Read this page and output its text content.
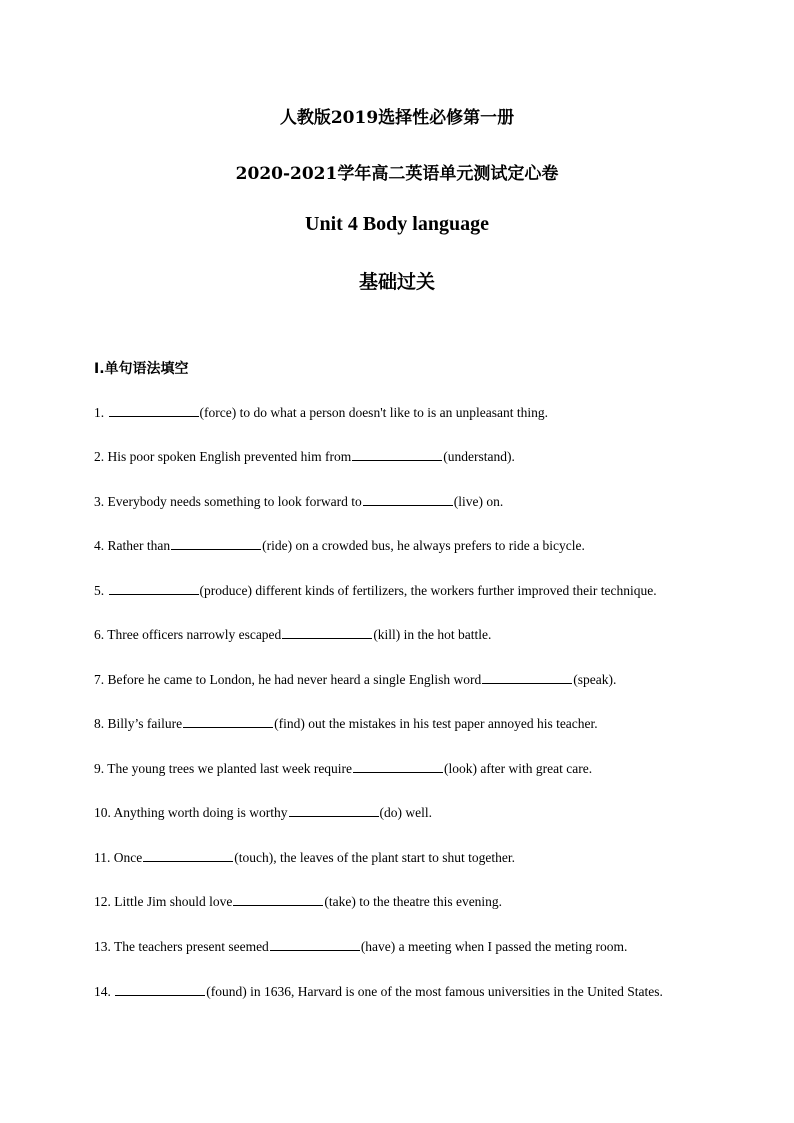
人教版2019选择性必修第一册
2020-2021学年高二英语单元测试定心卷
Unit 4 Body language
基础过关
I.单句语法填空
1.	(force) to do what a person doesn't like to is an unpleasant thing.
2. His poor spoken English prevented him from	(understand).
3. Everybody needs something to look forward to	(live) on.
4. Rather than	(ride) on a crowded bus, he always prefers to ride a bicycle.
5.	(produce) different kinds of fertilizers, the workers further improved their technique.
6. Three officers narrowly escaped	(kill) in the hot battle.
7. Before he came to London, he had never heard a single English word	(speak).
8. Billy’s failure	(find) out the mistakes in his test paper annoyed his teacher.
9. The young trees we planted last week require	(look) after with great care.
10. Anything worth doing is worthy	(do) well.
11. Once	(touch), the leaves of the plant start to shut together.
12. Little Jim should love	(take) to the theatre this evening.
13. The teachers present seemed	(have) a meeting when I passed the meting room.
14.	(found) in 1636, Harvard is one of the most famous universities in the United States.
